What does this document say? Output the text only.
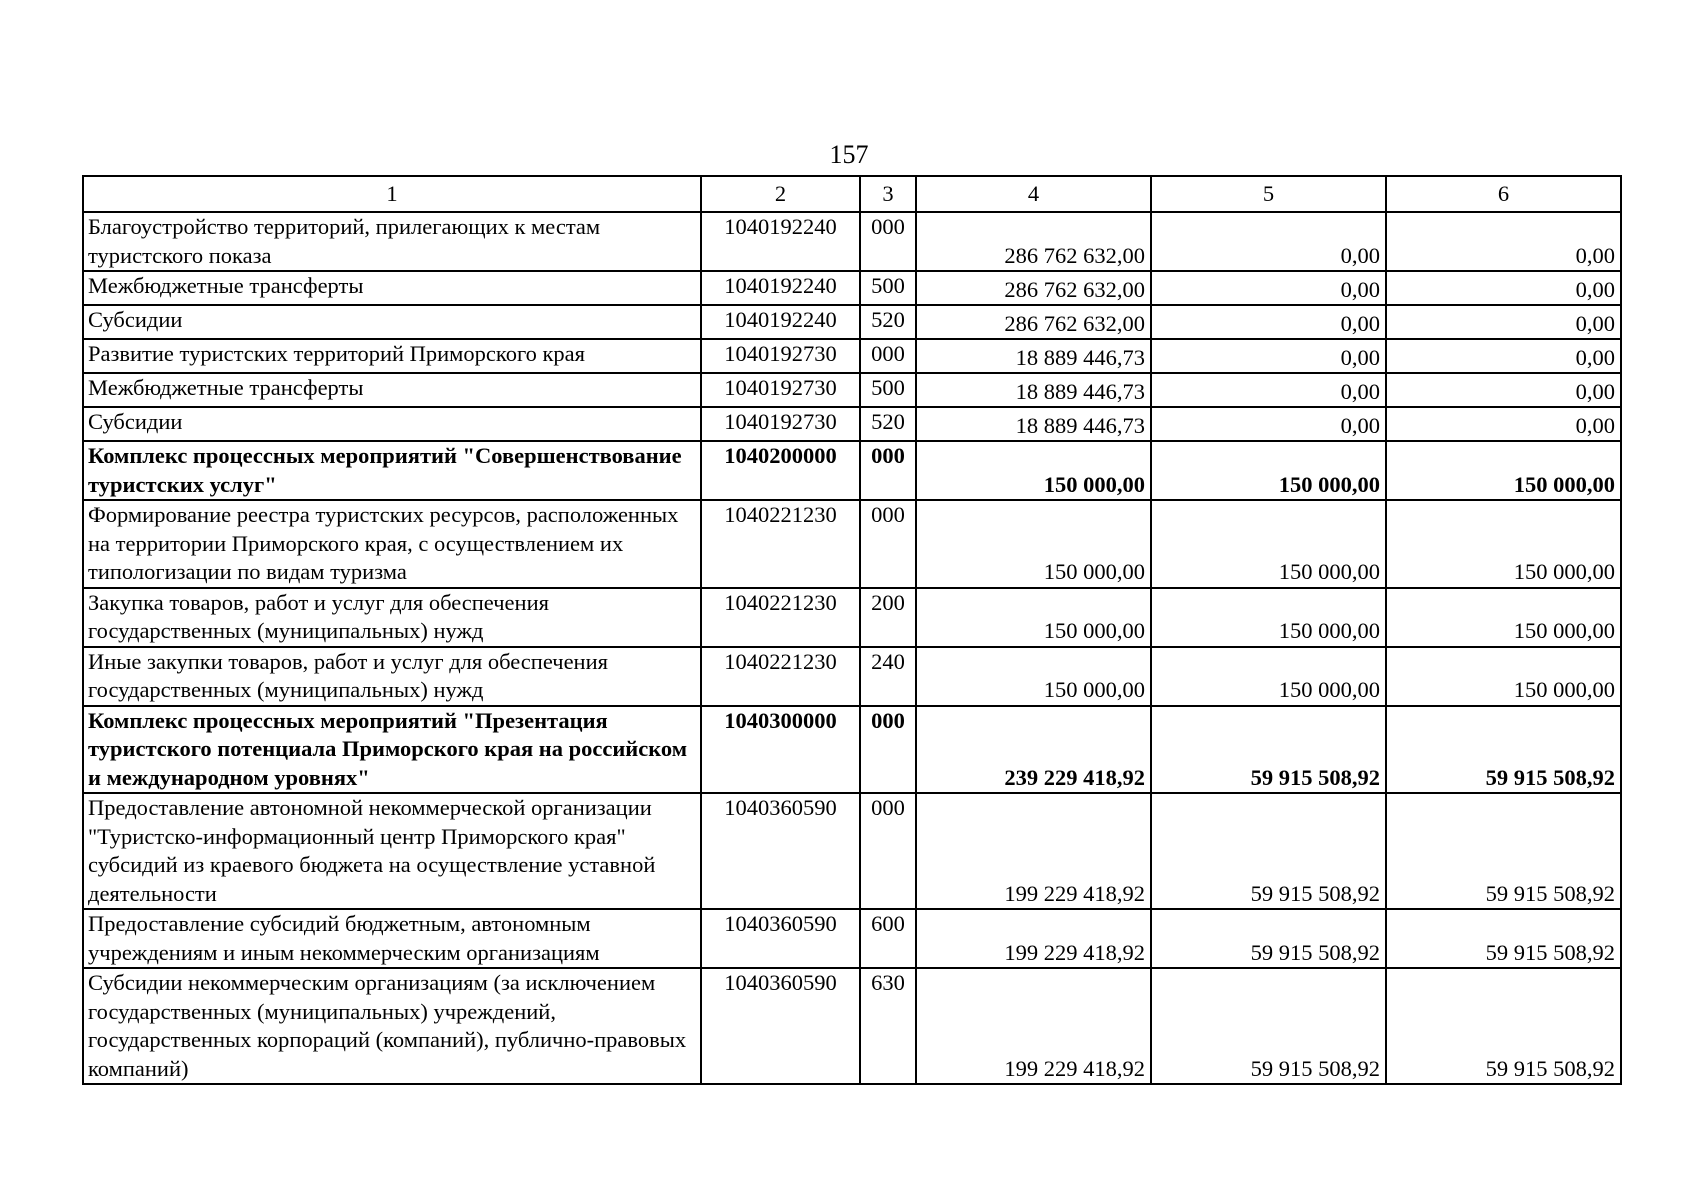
157
1	2	3	4	5	6
Благоустройство территорий, прилегающих к местам туристского показа	1040192240	000	286 762 632,00	0,00	0,00
Межбюджетные трансферты	1040192240	500	286 762 632,00	0,00	0,00
Субсидии	1040192240	520	286 762 632,00	0,00	0,00
Развитие туристских территорий Приморского края	1040192730	000	18 889 446,73	0,00	0,00
Межбюджетные трансферты	1040192730	500	18 889 446,73	0,00	0,00
Субсидии	1040192730	520	18 889 446,73	0,00	0,00
Комплекс процессных мероприятий "Совершенствование туристских услуг"	1040200000	000	150 000,00	150 000,00	150 000,00
Формирование реестра туристских ресурсов, расположенных на территории Приморского края, с осуществлением их типологизации по видам туризма	1040221230	000	150 000,00	150 000,00	150 000,00
Закупка товаров, работ и услуг для обеспечения государственных (муниципальных) нужд	1040221230	200	150 000,00	150 000,00	150 000,00
Иные закупки товаров, работ и услуг для обеспечения государственных (муниципальных) нужд	1040221230	240	150 000,00	150 000,00	150 000,00
Комплекс процессных мероприятий "Презентация туристского потенциала Приморского края на российском и международном уровнях"	1040300000	000	239 229 418,92	59 915 508,92	59 915 508,92
Предоставление автономной некоммерческой организации "Туристско-информационный центр Приморского края" субсидий из краевого бюджета на осуществление уставной деятельности	1040360590	000	199 229 418,92	59 915 508,92	59 915 508,92
Предоставление субсидий бюджетным, автономным учреждениям и иным некоммерческим организациям	1040360590	600	199 229 418,92	59 915 508,92	59 915 508,92
Субсидии некоммерческим организациям (за исключением государственных (муниципальных) учреждений, государственных корпораций (компаний), публично-правовых компаний)	1040360590	630	199 229 418,92	59 915 508,92	59 915 508,92
